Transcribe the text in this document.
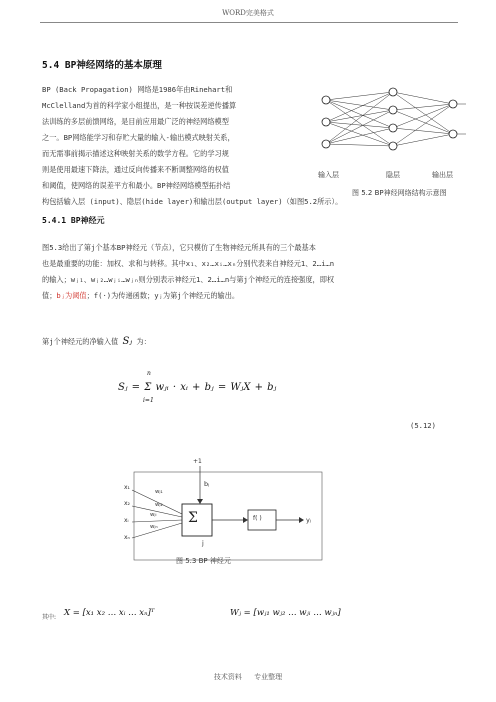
WORD完美格式
5.4 BP神经网络的基本原理
BP (Back Propagation) 网络是1986年由Rinehart和
McClelland为首的科学家小组提出，是一种按误差逆传播算
法训练的多层前馈网络，是目前应用最广泛的神经网络模型
之一。BP网络能学习和存贮大量的输入-输出模式映射关系，
而无需事前揭示描述这种映射关系的数学方程。它的学习规
则是使用最速下降法，通过反向传播来不断调整网络的权值
和阈值，使网络的误差平方和最小。BP神经网络模型拓扑结
构包括输入层 (input)、隐层(hide layer)和输出层(output layer)（如图5.2所示）。
输入层	隐层	输出层
图 5.2 BP神经网络结构示意图
5.4.1 BP神经元
图5.3给出了第j个基本BP神经元（节点），它只模仿了生物神经元所具有的三个最基本
也是最重要的功能：加权、求和与转移。其中x₁、x₂…xᵢ…xₙ分别代表来自神经元1、2…i…n
的输入；wⱼ₁、wⱼ₂…wⱼᵢ…wⱼₙ则分别表示神经元1、2…i…n与第j个神经元的连接强度，即权
值；bⱼ为阈值；f(·)为传递函数；yⱼ为第j个神经元的输出。
第j个神经元的净输入值 Sⱼ 为：
Sⱼ = Σ wⱼᵢ · xᵢ + bⱼ = WⱼX + bⱼ
n
i=1
(5.12)
+1
bⱼ
x₁
x₂
xᵢ
xₙ
wⱼ₁
wⱼ₂
wⱼᵢ
wⱼₙ
Σ
j
f( )	yⱼ
图 5.3 BP 神经元
其中: X = [x₁ x₂ … xᵢ … xₙ]ᵀ	Wⱼ = [wⱼ₁ wⱼ₂ … wⱼᵢ … wⱼₙ]
技术资料 专业整理
